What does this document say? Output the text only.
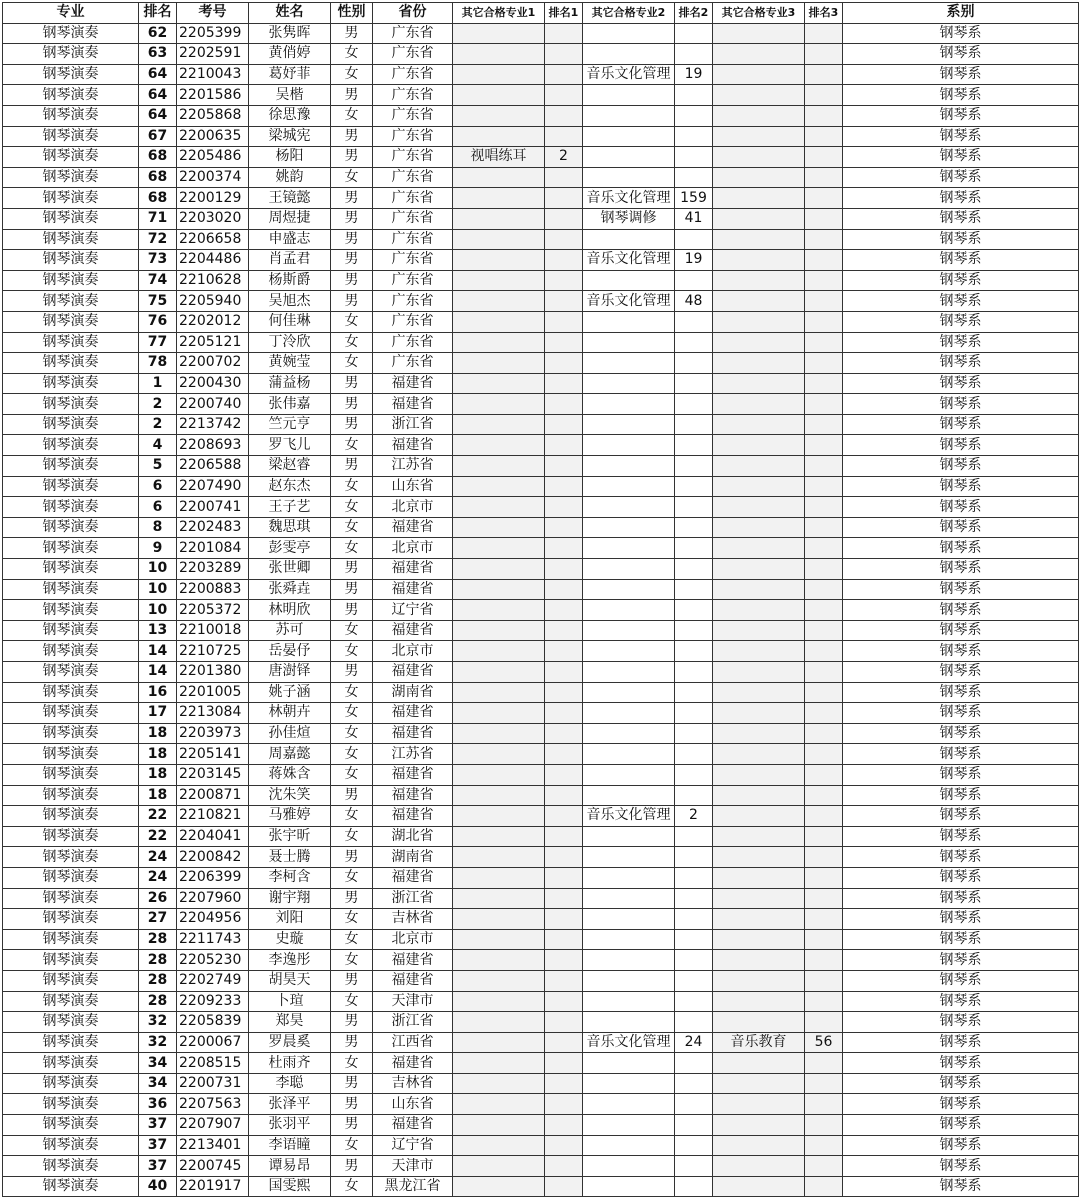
专业	排名	考号	姓名	性别	省份	其它合格专业1	排名1	其它合格专业2	排名2	其它合格专业3	排名3	系别
钢琴演奏	62	2205399	张隽晖	男	广东省							钢琴系
钢琴演奏	63	2202591	黄俏婷	女	广东省							钢琴系
钢琴演奏	64	2210043	葛妤菲	女	广东省			音乐文化管理	19			钢琴系
钢琴演奏	64	2201586	吴楷	男	广东省							钢琴系
钢琴演奏	64	2205868	徐思豫	女	广东省							钢琴系
钢琴演奏	67	2200635	梁城宪	男	广东省							钢琴系
钢琴演奏	68	2205486	杨阳	男	广东省	视唱练耳	2					钢琴系
钢琴演奏	68	2200374	姚韵	女	广东省							钢琴系
钢琴演奏	68	2200129	王镜懿	男	广东省			音乐文化管理	159			钢琴系
钢琴演奏	71	2203020	周煜捷	男	广东省			钢琴调修	41			钢琴系
钢琴演奏	72	2206658	申盛志	男	广东省							钢琴系
钢琴演奏	73	2204486	肖孟君	男	广东省			音乐文化管理	19			钢琴系
钢琴演奏	74	2210628	杨斯爵	男	广东省							钢琴系
钢琴演奏	75	2205940	吴旭杰	男	广东省			音乐文化管理	48			钢琴系
钢琴演奏	76	2202012	何佳琳	女	广东省							钢琴系
钢琴演奏	77	2205121	丁泠欣	女	广东省							钢琴系
钢琴演奏	78	2200702	黄婉莹	女	广东省							钢琴系
钢琴演奏	1	2200430	蒲益杨	男	福建省							钢琴系
钢琴演奏	2	2200740	张伟嘉	男	福建省							钢琴系
钢琴演奏	2	2213742	竺元亨	男	浙江省							钢琴系
钢琴演奏	4	2208693	罗飞儿	女	福建省							钢琴系
钢琴演奏	5	2206588	梁赵睿	男	江苏省							钢琴系
钢琴演奏	6	2207490	赵东杰	女	山东省							钢琴系
钢琴演奏	6	2200741	王子艺	女	北京市							钢琴系
钢琴演奏	8	2202483	魏思琪	女	福建省							钢琴系
钢琴演奏	9	2201084	彭雯亭	女	北京市							钢琴系
钢琴演奏	10	2203289	张世卿	男	福建省							钢琴系
钢琴演奏	10	2200883	张舜垚	男	福建省							钢琴系
钢琴演奏	10	2205372	林明欣	男	辽宁省							钢琴系
钢琴演奏	13	2210018	苏可	女	福建省							钢琴系
钢琴演奏	14	2210725	岳晏伃	女	北京市							钢琴系
钢琴演奏	14	2201380	唐澍铎	男	福建省							钢琴系
钢琴演奏	16	2201005	姚子涵	女	湖南省							钢琴系
钢琴演奏	17	2213084	林朝卉	女	福建省							钢琴系
钢琴演奏	18	2203973	孙佳煊	女	福建省							钢琴系
钢琴演奏	18	2205141	周嘉懿	女	江苏省							钢琴系
钢琴演奏	18	2203145	蒋姝含	女	福建省							钢琴系
钢琴演奏	18	2200871	沈朱笑	男	福建省							钢琴系
钢琴演奏	22	2210821	马雅婷	女	福建省			音乐文化管理	2			钢琴系
钢琴演奏	22	2204041	张宇昕	女	湖北省							钢琴系
钢琴演奏	24	2200842	聂士腾	男	湖南省							钢琴系
钢琴演奏	24	2206399	李柯含	女	福建省							钢琴系
钢琴演奏	26	2207960	谢宇翔	男	浙江省							钢琴系
钢琴演奏	27	2204956	刘阳	女	吉林省							钢琴系
钢琴演奏	28	2211743	史璇	女	北京市							钢琴系
钢琴演奏	28	2205230	李逸彤	女	福建省							钢琴系
钢琴演奏	28	2202749	胡昊天	男	福建省							钢琴系
钢琴演奏	28	2209233	卜瑄	女	天津市							钢琴系
钢琴演奏	32	2205839	郑昊	男	浙江省							钢琴系
钢琴演奏	32	2200067	罗晨奚	男	江西省			音乐文化管理	24	音乐教育	56	钢琴系
钢琴演奏	34	2208515	杜雨齐	女	福建省							钢琴系
钢琴演奏	34	2200731	李聪	男	吉林省							钢琴系
钢琴演奏	36	2207563	张泽平	男	山东省							钢琴系
钢琴演奏	37	2207907	张羽平	男	福建省							钢琴系
钢琴演奏	37	2213401	李语瞳	女	辽宁省							钢琴系
钢琴演奏	37	2200745	谭易昂	男	天津市							钢琴系
钢琴演奏	40	2201917	国雯熙	女	黑龙江省							钢琴系
